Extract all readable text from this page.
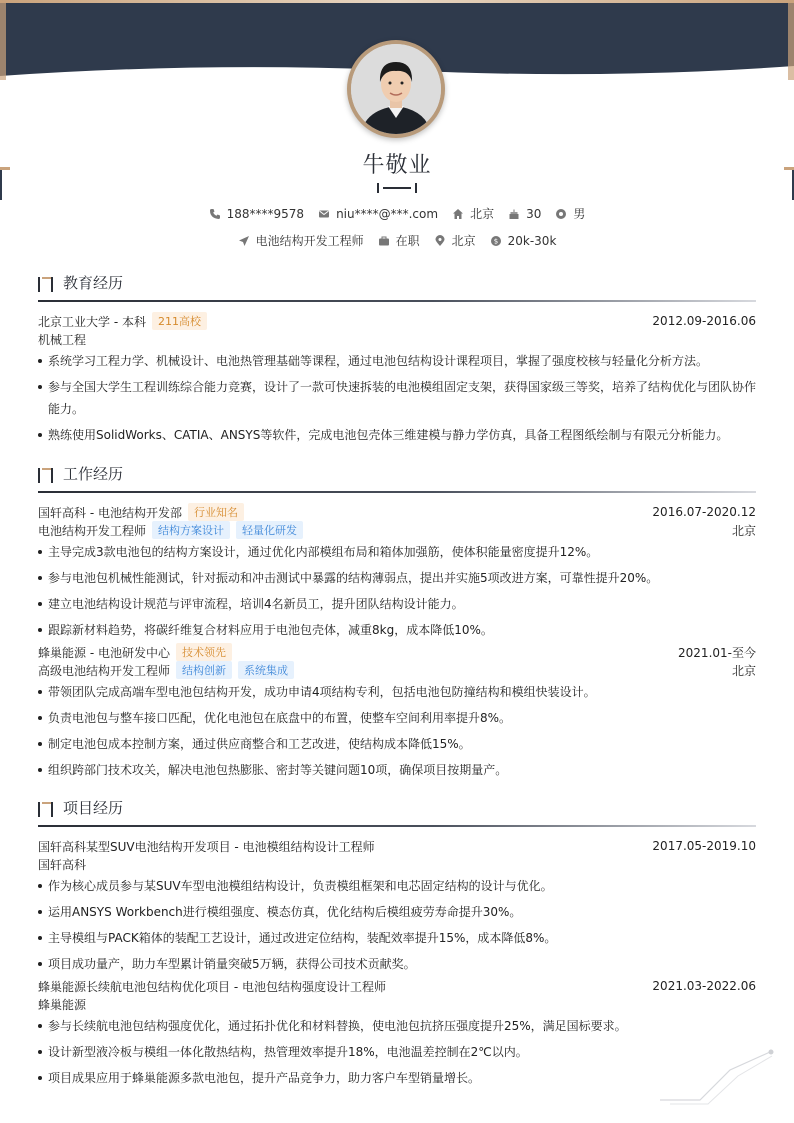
牛敬业
188****9578	niu****@***.com	北京	30	男
电池结构开发工程师	在职	北京	$ 20k-30k
教育经历
北京工业大学 - 本科	211高校	2012.09-2016.06
机械工程
系统学习工程力学、机械设计、电池热管理基础等课程，通过电池包结构设计课程项目，掌握了强度校核与轻量化分析方法。
参与全国大学生工程训练综合能力竞赛，设计了一款可快速拆装的电池模组固定支架，获得国家级三等奖，培养了结构优化与团队协作能力。
熟练使用SolidWorks、CATIA、ANSYS等软件，完成电池包壳体三维建模与静力学仿真，具备工程图纸绘制与有限元分析能力。
工作经历
国轩高科 - 电池结构开发部	行业知名	2016.07-2020.12
电池结构开发工程师	结构方案设计	轻量化研发	北京
主导完成3款电池包的结构方案设计，通过优化内部模组布局和箱体加强筋，使体积能量密度提升12%。
参与电池包机械性能测试，针对振动和冲击测试中暴露的结构薄弱点，提出并实施5项改进方案，可靠性提升20%。
建立电池结构设计规范与评审流程，培训4名新员工，提升团队结构设计能力。
跟踪新材料趋势，将碳纤维复合材料应用于电池包壳体，减重8kg，成本降低10%。
蜂巢能源 - 电池研发中心	技术领先	2021.01-至今
高级电池结构开发工程师	结构创新	系统集成	北京
带领团队完成高端车型电池包结构开发，成功申请4项结构专利，包括电池包防撞结构和模组快装设计。
负责电池包与整车接口匹配，优化电池包在底盘中的布置，使整车空间利用率提升8%。
制定电池包成本控制方案，通过供应商整合和工艺改进，使结构成本降低15%。
组织跨部门技术攻关，解决电池包热膨胀、密封等关键问题10项，确保项目按期量产。
项目经历
国轩高科某型SUV电池结构开发项目 - 电池模组结构设计工程师	2017.05-2019.10
国轩高科
作为核心成员参与某SUV车型电池模组结构设计，负责模组框架和电芯固定结构的设计与优化。
运用ANSYS Workbench进行模组强度、模态仿真，优化结构后模组疲劳寿命提升30%。
主导模组与PACK箱体的装配工艺设计，通过改进定位结构，装配效率提升15%，成本降低8%。
项目成功量产，助力车型累计销量突破5万辆，获得公司技术贡献奖。
蜂巢能源长续航电池包结构优化项目 - 电池包结构强度设计工程师	2021.03-2022.06
蜂巢能源
参与长续航电池包结构强度优化，通过拓扑优化和材料替换，使电池包抗挤压强度提升25%，满足国标要求。
设计新型液冷板与模组一体化散热结构，热管理效率提升18%，电池温差控制在2℃以内。
项目成果应用于蜂巢能源多款电池包，提升产品竞争力，助力客户车型销量增长。
